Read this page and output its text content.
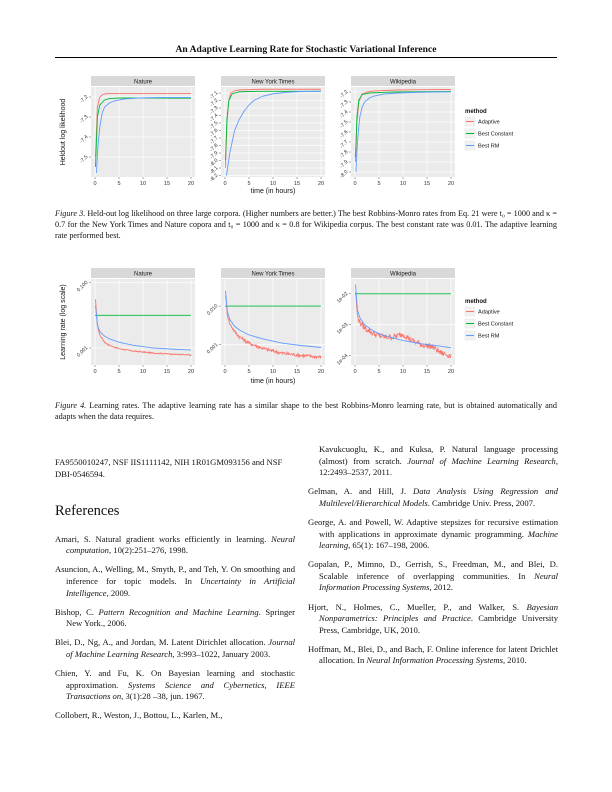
An Adaptive Learning Rate for Stochastic Variational Inference
Nature
0	5	10	15	20
-7.5
-7.4
-7.3
-7.2
New York Times
0	5	10	15	20
-8.2
-8.1
-8.0
-7.9
-7.8
-7.7
-7.6
-7.5
-7.4
-7.3
-7.2
-7.1
Wikipedia
0	5	10	15	20
-8.0
-7.9
-7.8
-7.7
-7.6
-7.5
-7.4
-7.3
-7.2
Heldout log likelihood
time (in hours)
method
Adaptive
Best Constant
Best RM
Figure 3. Held-out log likelihood on three large corpora. (Higher numbers are better.) The best Robbins-Monro rates from Eq. 21 were t₀ = 1000 and κ = 0.7 for the New York Times and Nature copora and t₀ = 1000 and κ = 0.8 for Wikipedia corpus. The best constant rate was 0.01. The adaptive learning rate performed best.
Nature
0	5	10	15	20
0.100
0.001
New York Times
0	5	10	15	20
0.010
0.001
Wikipedia
0	5	10	15	20
1e-02
1e-03
1e-04
Learning rate (log scale)
time (in hours)
method
Adaptive
Best Constant
Best RM
Figure 4. Learning rates. The adaptive learning rate has a similar shape to the best Robbins-Monro learning rate, but is obtained automatically and adapts when the data requires.

FA9550010247, NSF IIS1111142, NIH 1R01GM093156 and NSF DBI-0546594.

References

Amari, S. Natural gradient works efficiently in learning. Neural computation, 10(2):251–276, 1998.

Asuncion, A., Welling, M., Smyth, P., and Teh, Y. On smoothing and inference for topic models. In Uncertainty in Artificial Intelligence, 2009.

Bishop, C. Pattern Recognition and Machine Learning. Springer New York., 2006.

Blei, D., Ng, A., and Jordan, M. Latent Dirichlet allocation. Journal of Machine Learning Research, 3:993–1022, January 2003.

Chien, Y. and Fu, K. On Bayesian learning and stochastic approximation. Systems Science and Cybernetics, IEEE Transactions on, 3(1):28 –38, jun. 1967.

Collobert, R., Weston, J., Bottou, L., Karlen, M.,

Kavukcuoglu, K., and Kuksa, P. Natural language processing (almost) from scratch. Journal of Machine Learning Research, 12:2493–2537, 2011.

Gelman, A. and Hill, J. Data Analysis Using Regression and Multilevel/Hierarchical Models. Cambridge Univ. Press, 2007.

George, A. and Powell, W. Adaptive stepsizes for recursive estimation with applications in approximate dynamic programming. Machine learning, 65(1): 167–198, 2006.

Gopalan, P., Mimno, D., Gerrish, S., Freedman, M., and Blei, D. Scalable inference of overlapping communities. In Neural Information Processing Systems, 2012.

Hjort, N., Holmes, C., Mueller, P., and Walker, S. Bayesian Nonparametrics: Principles and Practice. Cambridge University Press, Cambridge, UK, 2010.

Hoffman, M., Blei, D., and Bach, F. Online inference for latent Drichlet allocation. In Neural Information Processing Systems, 2010.
